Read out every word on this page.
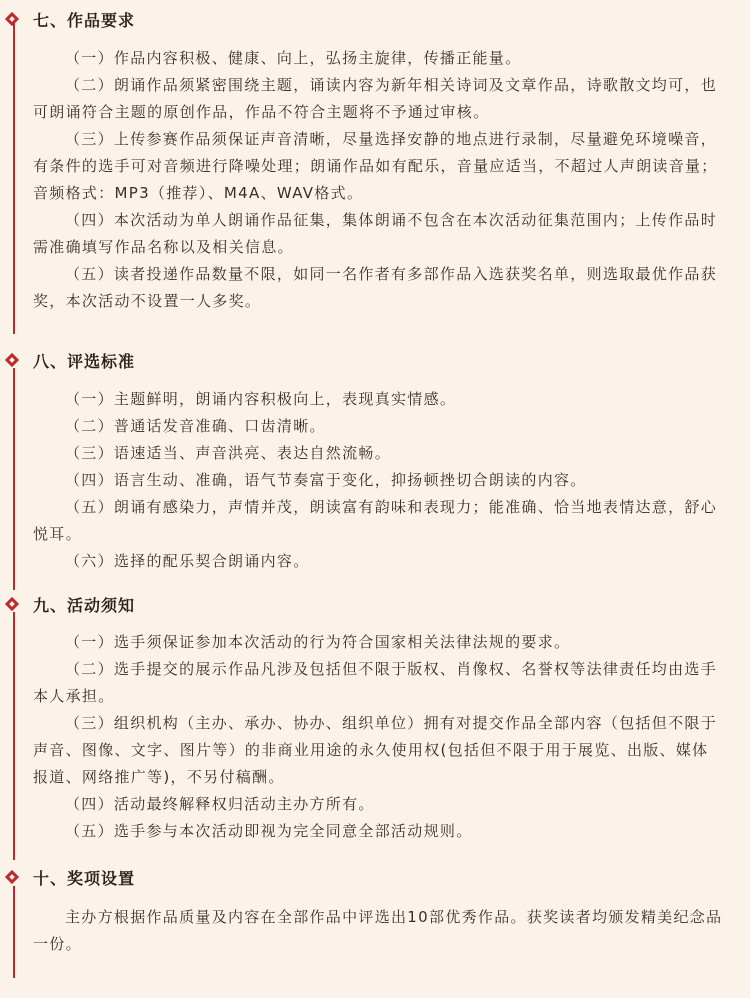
七、作品要求
（一）作品内容积极、健康、向上，弘扬主旋律，传播正能量。
（二）朗诵作品须紧密围绕主题，诵读内容为新年相关诗词及文章作品，诗歌散文均可，也可朗诵符合主题的原创作品，作品不符合主题将不予通过审核。
（三）上传参赛作品须保证声音清晰，尽量选择安静的地点进行录制，尽量避免环境噪音，有条件的选手可对音频进行降噪处理；朗诵作品如有配乐，音量应适当，不超过人声朗读音量；音频格式：MP3（推荐）、M4A、WAV格式。
（四）本次活动为单人朗诵作品征集，集体朗诵不包含在本次活动征集范围内；上传作品时需准确填写作品名称以及相关信息。
（五）读者投递作品数量不限，如同一名作者有多部作品入选获奖名单，则选取最优作品获奖，本次活动不设置一人多奖。
八、评选标准
（一）主题鲜明，朗诵内容积极向上，表现真实情感。
（二）普通话发音准确、口齿清晰。
（三）语速适当、声音洪亮、表达自然流畅。
（四）语言生动、准确，语气节奏富于变化，抑扬顿挫切合朗读的内容。
（五）朗诵有感染力，声情并茂，朗读富有韵味和表现力；能准确、恰当地表情达意，舒心悦耳。
（六）选择的配乐契合朗诵内容。
九、活动须知
（一）选手须保证参加本次活动的行为符合国家相关法律法规的要求。
（二）选手提交的展示作品凡涉及包括但不限于版权、肖像权、名誉权等法律责任均由选手本人承担。
（三）组织机构（主办、承办、协办、组织单位）拥有对提交作品全部内容（包括但不限于声音、图像、文字、图片等）的非商业用途的永久使用权(包括但不限于用于展览、出版、媒体报道、网络推广等)，不另付稿酬。
（四）活动最终解释权归活动主办方所有。
（五）选手参与本次活动即视为完全同意全部活动规则。
十、奖项设置
主办方根据作品质量及内容在全部作品中评选出10部优秀作品。获奖读者均颁发精美纪念品一份。
